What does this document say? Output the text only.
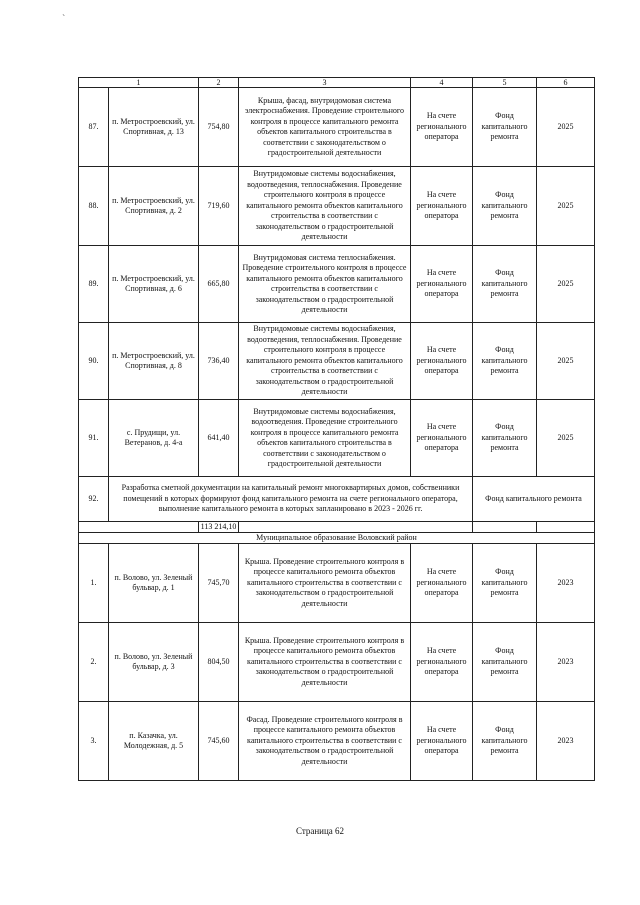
`
1		2	3	4	5	6
87.	п. Метростроевский, ул. Спортивная, д. 13	754,80	Крыша, фасад, внутридомовая система электроснабжения. Проведение строительного контроля в процессе капитального ремонта объектов капитального строительства в соответствии с законодательством о градостроительной деятельности	На счете регионального оператора	Фонд капитального ремонта	2025
88.	п. Метростроевский, ул. Спортивная, д. 2	719,60	Внутридомовые системы водоснабжения, водоотведения, теплоснабжения. Проведение строительного контроля в процессе капитального ремонта объектов капитального строительства в соответствии с законодательством о градостроительной деятельности	На счете регионального оператора	Фонд капитального ремонта	2025
89.	п. Метростроевский, ул. Спортивная, д. 6	665,80	Внутридомовая система теплоснабжения. Проведение строительного контроля в процессе капитального ремонта объектов капитального строительства в соответствии с законодательством о градостроительной деятельности	На счете регионального оператора	Фонд капитального ремонта	2025
90.	п. Метростроевский, ул. Спортивная, д. 8	736,40	Внутридомовые системы водоснабжения, водоотведения, теплоснабжения. Проведение строительного контроля в процессе капитального ремонта объектов капитального строительства в соответствии с законодательством о градостроительной деятельности	На счете регионального оператора	Фонд капитального ремонта	2025
91.	с. Прудищи, ул. Ветеранов, д. 4-а	641,40	Внутридомовые системы водоснабжения, водоотведения. Проведение строительного контроля в процессе капитального ремонта объектов капитального строительства в соответствии с законодательством о градостроительной деятельности	На счете регионального оператора	Фонд капитального ремонта	2025
92.	Разработка сметной документации на капитальный ремонт многоквартирных домов, собственники помещений в которых формируют фонд капитального ремонта на счете регионального оператора, выполнение капитального ремонта в которых запланировано в 2023 - 2026 гг.				Фонд капитального ремонта	
		113 214,10				
Муниципальное образование Воловский район						
1.	п. Волово, ул. Зеленый бульвар, д. 1	745,70	Крыша. Проведение строительного контроля в процессе капитального ремонта объектов капитального строительства в соответствии с законодательством о градостроительной деятельности	На счете регионального оператора	Фонд капитального ремонта	2023
2.	п. Волово, ул. Зеленый бульвар, д. 3	804,50	Крыша. Проведение строительного контроля в процессе капитального ремонта объектов капитального строительства в соответствии с законодательством о градостроительной деятельности	На счете регионального оператора	Фонд капитального ремонта	2023
3.	п. Казачка, ул. Молодежная, д. 5	745,60	Фасад. Проведение строительного контроля в процессе капитального ремонта объектов капитального строительства в соответствии с законодательством о градостроительной деятельности	На счете регионального оператора	Фонд капитального ремонта	2023
Страница 62
